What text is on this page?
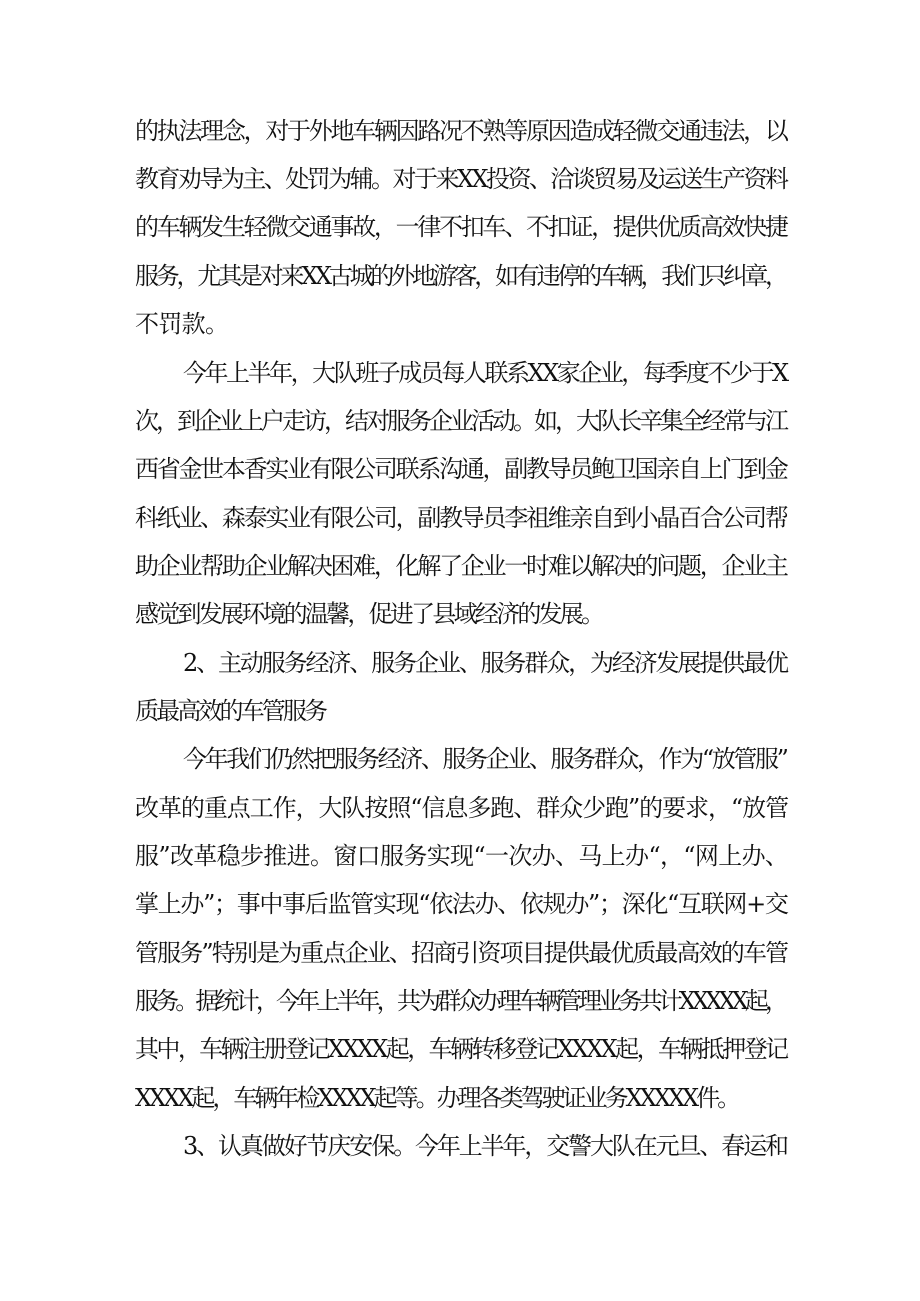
的执法理念，对于外地车辆因路况不熟等原因造成轻微交通违法，以

教育劝导为主、处罚为辅。对于来XX投资、洽谈贸易及运送生产资料

的车辆发生轻微交通事故，一律不扣车、不扣证，提供优质高效快捷

服务，尤其是对来XX古城的外地游客，如有违停的车辆，我们只纠章，

不罚款。

今年上半年，大队班子成员每人联系XX家企业，每季度不少于X

次，到企业上户走访，结对服务企业活动。如，大队长辛集全经常与江

西省金世本香实业有限公司联系沟通，副教导员鲍卫国亲自上门到金

科纸业、森泰实业有限公司，副教导员李祖维亲自到小晶百合公司帮

助企业帮助企业解决困难，化解了企业一时难以解决的问题，企业主

感觉到发展环境的温馨，促进了县域经济的发展。

2、主动服务经济、服务企业、服务群众，为经济发展提供最优

质最高效的车管服务

今年我们仍然把服务经济、服务企业、服务群众，作为“放管服”

改革的重点工作，大队按照“信息多跑、群众少跑”的要求，“放管

服”改革稳步推进。窗口服务实现“一次办、马上办“，“网上办、

掌上办”；事中事后监管实现“依法办、依规办”；深化“互联网+交

管服务”特别是为重点企业、招商引资项目提供最优质最高效的车管

服务。据统计，今年上半年，共为群众办理车辆管理业务共计XXXXX起，

其中，车辆注册登记XXXX起，车辆转移登记XXXX起，车辆抵押登记

XXXX起，车辆年检XXXX起等。办理各类驾驶证业务XXXXX件。

3、认真做好节庆安保。今年上半年，交警大队在元旦、春运和
